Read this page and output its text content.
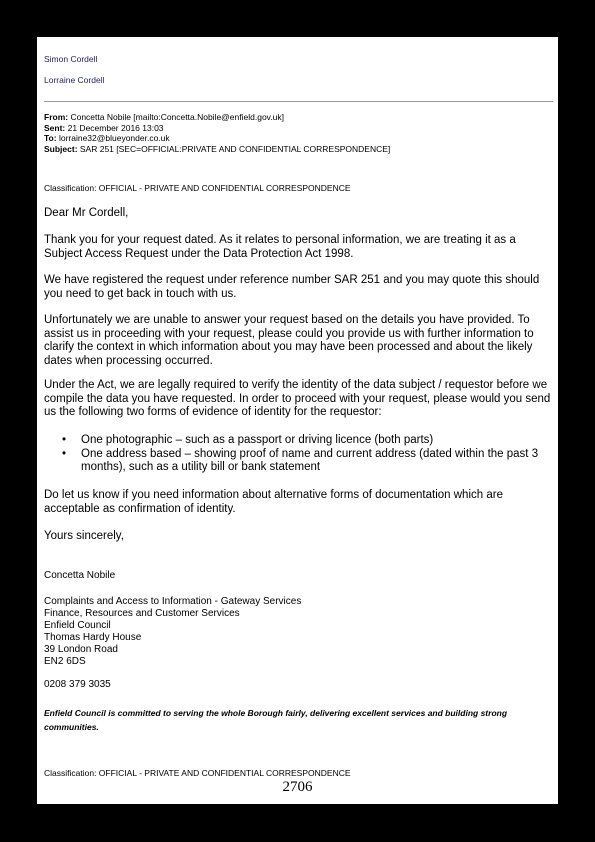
Simon Cordell

Lorraine Cordell

From: Concetta Nobile [mailto:Concetta.Nobile@enfield.gov.uk]
Sent: 21 December 2016 13:03
To: lorraine32@blueyonder.co.uk
Subject: SAR 251 [SEC=OFFICIAL:PRIVATE AND CONFIDENTIAL CORRESPONDENCE]

Classification: OFFICIAL - PRIVATE AND CONFIDENTIAL CORRESPONDENCE

Dear Mr Cordell,

Thank you for your request dated. As it relates to personal information, we are treating it as a Subject Access Request under the Data Protection Act 1998.

We have registered the request under reference number SAR 251 and you may quote this should you need to get back in touch with us.

Unfortunately we are unable to answer your request based on the details you have provided. To assist us in proceeding with your request, please could you provide us with further information to clarify the context in which information about you may have been processed and about the likely dates when processing occurred.

Under the Act, we are legally required to verify the identity of the data subject / requestor before we compile the data you have requested. In order to proceed with your request, please would you send us the following two forms of evidence of identity for the requestor:

• One photographic – such as a passport or driving licence (both parts)
• One address based – showing proof of name and current address (dated within the past 3 months), such as a utility bill or bank statement

Do let us know if you need information about alternative forms of documentation which are acceptable as confirmation of identity.

Yours sincerely,

Concetta Nobile

Complaints and Access to Information - Gateway Services
Finance, Resources and Customer Services
Enfield Council
Thomas Hardy House
39 London Road
EN2 6DS

0208 379 3035

Enfield Council is committed to serving the whole Borough fairly, delivering excellent services and building strong communities.

Classification: OFFICIAL - PRIVATE AND CONFIDENTIAL CORRESPONDENCE

2706
